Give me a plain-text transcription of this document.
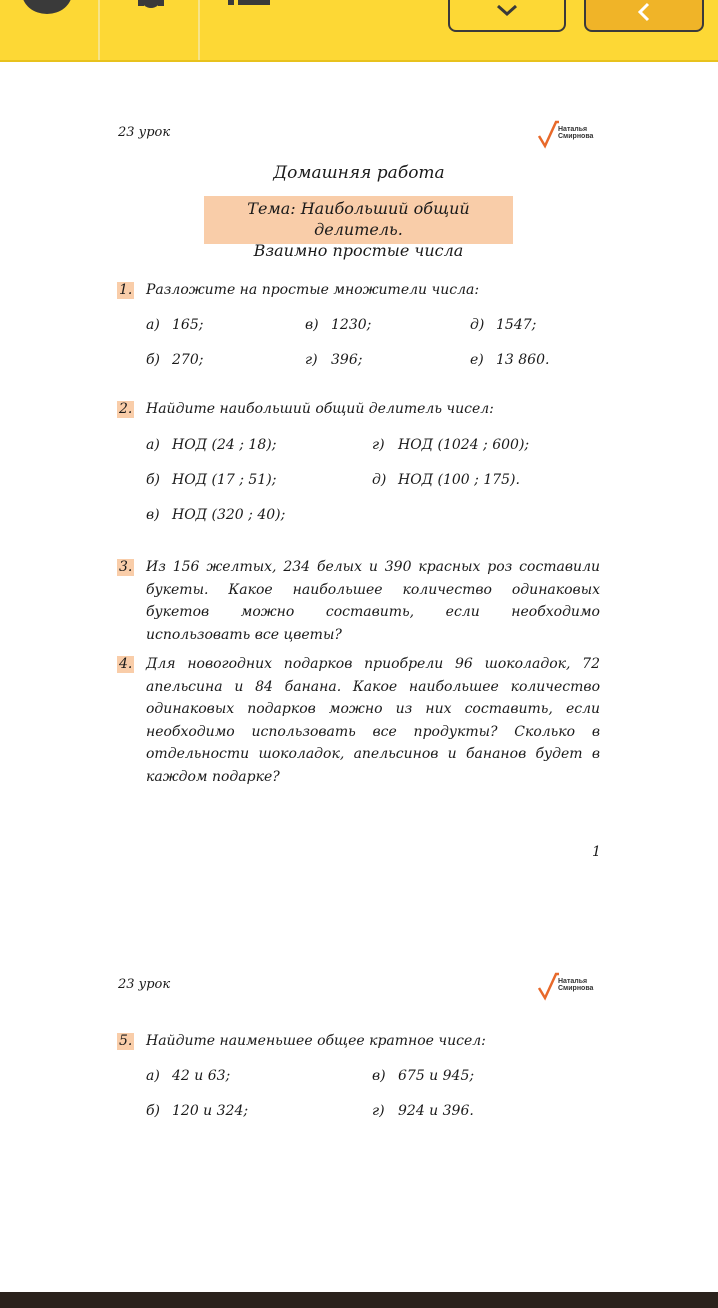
23 урок	Наталья
Смирнова
Домашняя работа
Тема: Наибольший общий делитель.
Взаимно простые числа
1. Разложите на простые множители числа:
а) 165;	в) 1230;	д) 1547;
б) 270;	г) 396;	е) 13 860.
2. Найдите наибольший общий делитель чисел:
а) НОД (24 ; 18);	г) НОД (1024 ; 600);
б) НОД (17 ; 51);	д) НОД (100 ; 175).
в) НОД (320 ; 40);
3. Из 156 желтых, 234 белых и 390 красных роз составили букеты. Какое наибольшее количество одинаковых букетов можно составить, если необходимо использовать все цветы?
4. Для новогодних подарков приобрели 96 шоколадок, 72 апельсина и 84 банана. Какое наибольшее количество одинаковых подарков можно из них составить, если необходимо использовать все продукты? Сколько в отдельности шоколадок, апельсинов и бананов будет в каждом подарке?
1
23 урок	Наталья
Смирнова
5. Найдите наименьшее общее кратное чисел:
а) 42 и 63;	в) 675 и 945;
б) 120 и 324;	г) 924 и 396.
